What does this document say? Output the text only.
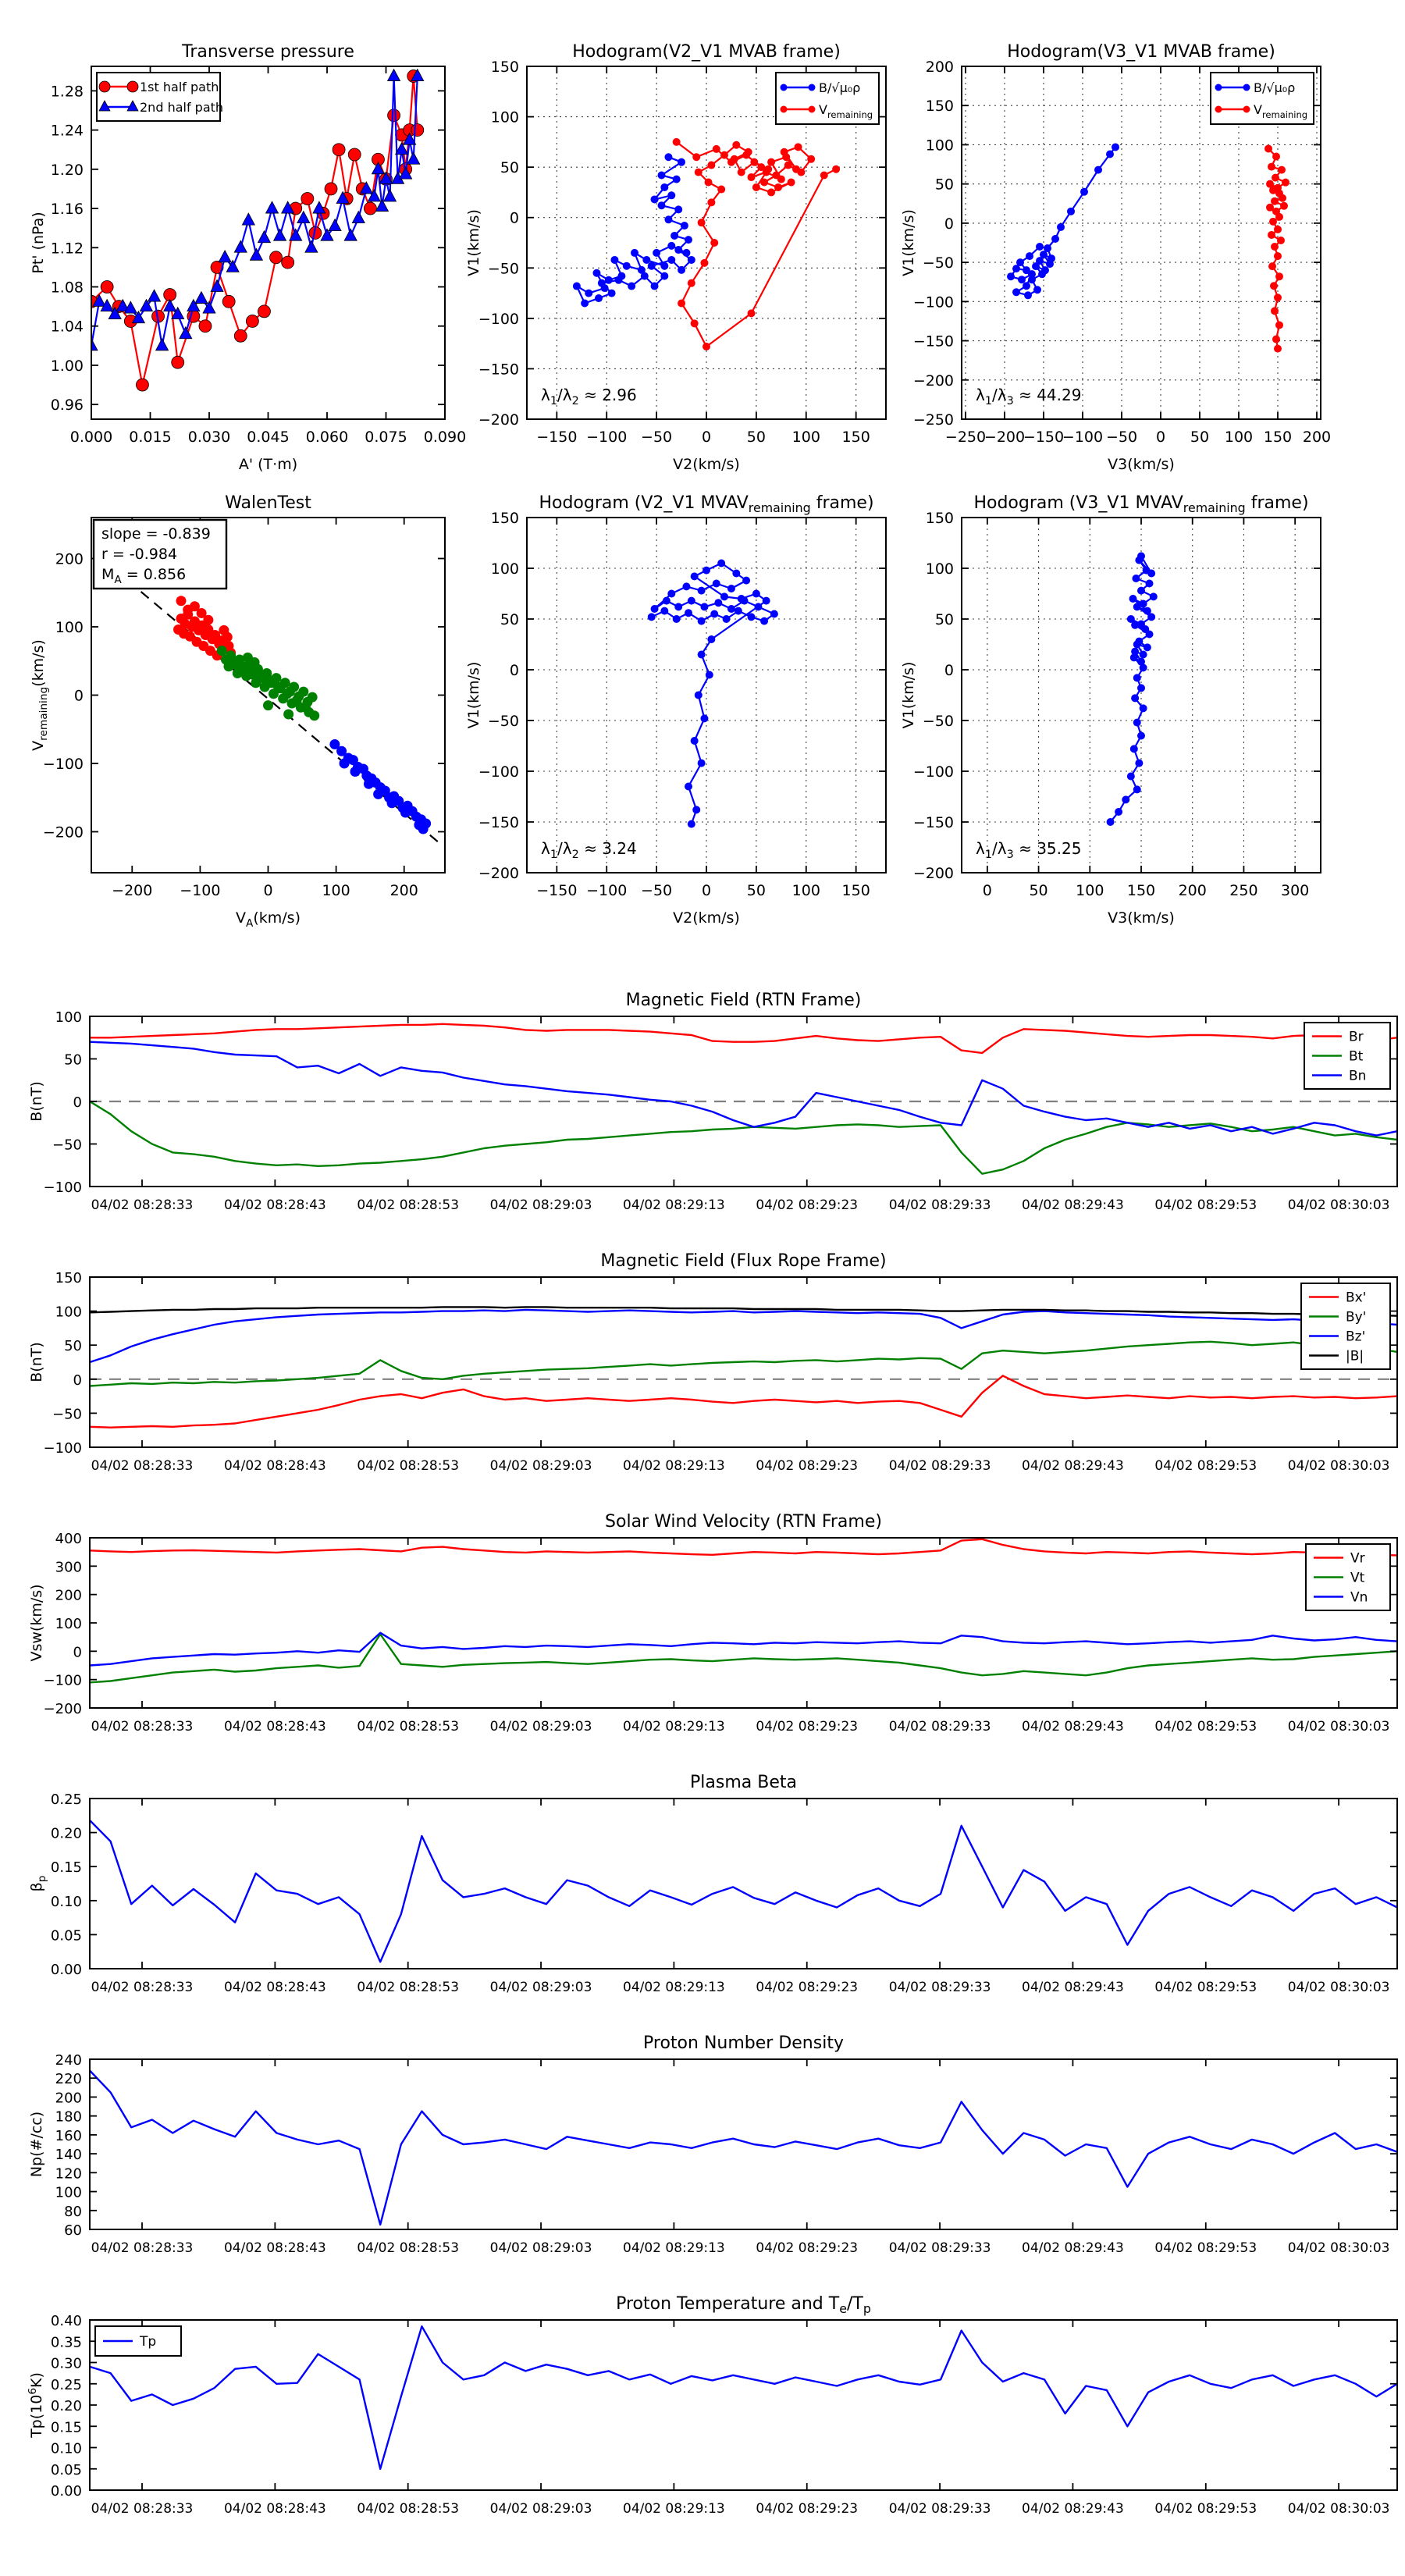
0.000 0.015 0.030 0.045 0.060 0.075 0.090
0.96
1.00
1.04
1.08
1.12
1.16
1.20
1.24
1.28
Transverse pressure
A' (T·m)
Pt' (nPa)
1st half path
2nd half path
−150 −100 −50 0 50 100 150
150
100
50
0
−50
−100
−150
−200
Hodogram(V2_V1 MVAB frame)
V2(km/s)
V1(km/s)
B/√μ₀ρ
$V_{remaining}$
$\lambda_1/\lambda_2 \approx 2.96$
−250
−200
−150
−100 −50 0 50 100 150 200
200
150
100
50
0
−50
−100
−150
−200
−250
Hodogram(V3_V1 MVAB frame)
V3(km/s)
V1(km/s)
B/√μ₀ρ
$V_{remaining}$
$\lambda_1/\lambda_3 \approx 44.29$
−200 −100	0	100	200
200
100
0
−100
−200
WalenTest
$V_A(km/s)$
$V_{remaining}(km/s)$
slope = -0.839
r = -0.984
$M_A = 0.856$
−150 −100 −50 0 50 100 150
150
100
50
0
−50
−100
−150
−200
Hodogram (V2_V1 $MVAV_{remaining}$ frame)
V2(km/s)
V1(km/s)
$\lambda_1/\lambda_2 \approx 3.24$
0	50 100 150 200 250 300
150
100
50
0
−50
−100
−150
−200
Hodogram (V3_V1 $MVAV_{remaining}$ frame)
V3(km/s)
V1(km/s)
$\lambda_1/\lambda_3 \approx 35.25$
04/02 08:28:33 04/02 08:28:43 04/02 08:28:53 04/02 08:29:03 04/02 08:29:13 04/02 08:29:23 04/02 08:29:33 04/02 08:29:43 04/02 08:29:53 04/02 08:30:03
100
50
0
−50
−100
Magnetic Field (RTN Frame)
B(nT)
Br
Bt
Bn
04/02 08:28:33 04/02 08:28:43 04/02 08:28:53 04/02 08:29:03 04/02 08:29:13 04/02 08:29:23 04/02 08:29:33 04/02 08:29:43 04/02 08:29:53 04/02 08:30:03
150
100
50
0
−50
−100
Magnetic Field (Flux Rope Frame)
B(nT)
Bx'
By'
Bz'
|B|
04/02 08:28:33 04/02 08:28:43 04/02 08:28:53 04/02 08:29:03 04/02 08:29:13 04/02 08:29:23 04/02 08:29:33 04/02 08:29:43 04/02 08:29:53 04/02 08:30:03
400
300
200
100
0
−100
−200
Solar Wind Velocity (RTN Frame)
Vsw(km/s)
Vr
Vt
Vn
04/02 08:28:33 04/02 08:28:43 04/02 08:28:53 04/02 08:29:03 04/02 08:29:13 04/02 08:29:23 04/02 08:29:33 04/02 08:29:43 04/02 08:29:53 04/02 08:30:03
0.25
0.20
0.15
0.10
0.05
0.00
Plasma Beta
$\beta_p$
04/02 08:28:33 04/02 08:28:43 04/02 08:28:53 04/02 08:29:03 04/02 08:29:13 04/02 08:29:23 04/02 08:29:33 04/02 08:29:43 04/02 08:29:53 04/02 08:30:03
240
220
200
180
160
140
120
100
80
60
Proton Number Density
Np(#/cc)
04/02 08:28:33 04/02 08:28:43 04/02 08:28:53 04/02 08:29:03 04/02 08:29:13 04/02 08:29:23 04/02 08:29:33 04/02 08:29:43 04/02 08:29:53 04/02 08:30:03
0.40
0.35
0.30
0.25
0.20
0.15
0.10
0.05
0.00
Proton Temperature and $T_e/T_p$
$Tp(10^6K)$
Tp
